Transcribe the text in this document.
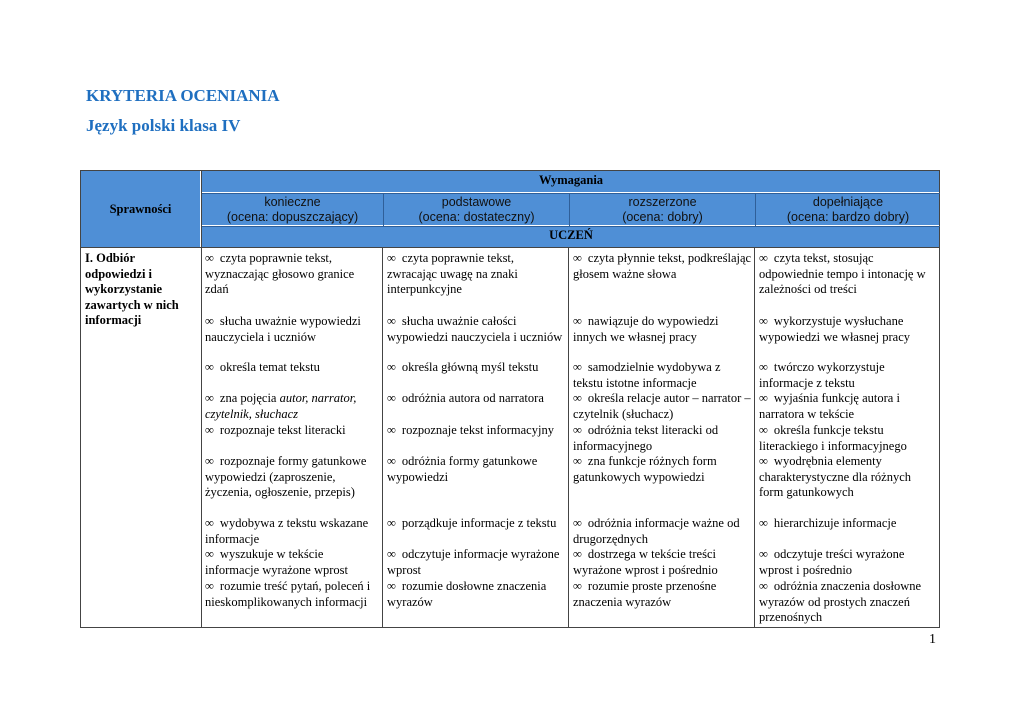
KRYTERIA OCENIANIA
Język polski klasa IV
Sprawności
Wymagania
konieczne
(ocena: dopuszczający)
podstawowe
(ocena: dostateczny)
rozszerzone
(ocena: dobry)
dopełniające
(ocena: bardzo dobry)
UCZEŃ
I. Odbiór odpowiedzi i wykorzystanie zawartych w nich informacji
∞ czyta poprawnie tekst, wyznaczając głosowo granice zdań
∞ słucha uważnie wypowiedzi nauczyciela i uczniów
∞ określa temat tekstu
∞ zna pojęcia autor, narrator, czytelnik, słuchacz
∞ rozpoznaje tekst literacki
∞ rozpoznaje formy gatunkowe wypowiedzi (zaproszenie, życzenia, ogłoszenie, przepis)
∞ wydobywa z tekstu wskazane informacje
∞ wyszukuje w tekście informacje wyrażone wprost
∞ rozumie treść pytań, poleceń i nieskomplikowanych informacji
∞ czyta poprawnie tekst, zwracając uwagę na znaki interpunkcyjne
∞ słucha uważnie całości wypowiedzi nauczyciela i uczniów
∞ określa główną myśl tekstu
∞ odróżnia autora od narratora
∞ rozpoznaje tekst informacyjny
∞ odróżnia formy gatunkowe wypowiedzi
∞ porządkuje informacje z tekstu
∞ odczytuje informacje wyrażone wprost
∞ rozumie dosłowne znaczenia wyrazów
∞ czyta płynnie tekst, podkreślając głosem ważne słowa
∞ nawiązuje do wypowiedzi innych we własnej pracy
∞ samodzielnie wydobywa z tekstu istotne informacje
∞ określa relacje autor – narrator – czytelnik (słuchacz)
∞ odróżnia tekst literacki od informacyjnego
∞ zna funkcje różnych form gatunkowych wypowiedzi
∞ odróżnia informacje ważne od drugorzędnych
∞ dostrzega w tekście treści wyrażone wprost i pośrednio
∞ rozumie proste przenośne znaczenia wyrazów
∞ czyta tekst, stosując odpowiednie tempo i intonację w zależności od treści
∞ wykorzystuje wysłuchane wypowiedzi we własnej pracy
∞ twórczo wykorzystuje informacje z tekstu
∞ wyjaśnia funkcję autora i narratora w tekście
∞ określa funkcje tekstu literackiego i informacyjnego
∞ wyodrębnia elementy charakterystyczne dla różnych form gatunkowych
∞ hierarchizuje informacje
∞ odczytuje treści wyrażone wprost i pośrednio
∞ odróżnia znaczenia dosłowne wyrazów od prostych znaczeń przenośnych
1
